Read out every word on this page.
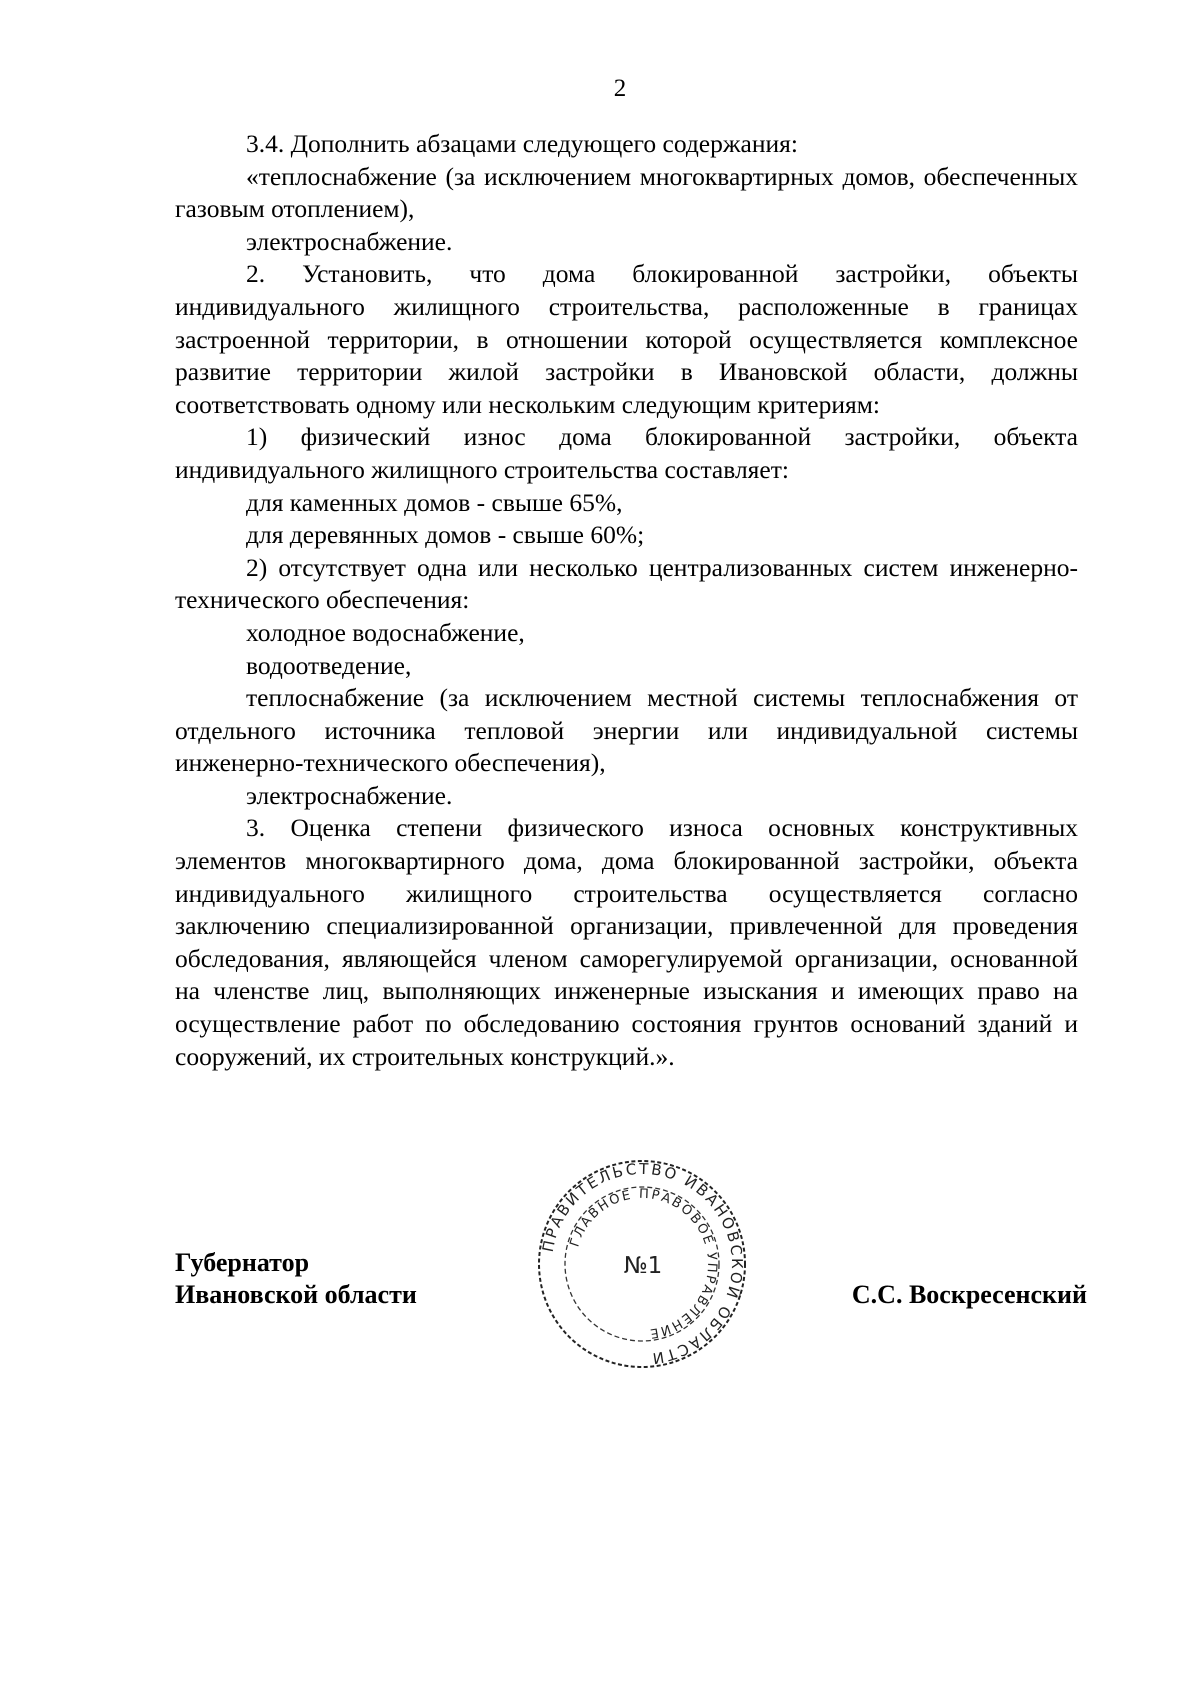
2

3.4. Дополнить абзацами следующего содержания:

«теплоснабжение (за исключением многоквартирных домов, обеспеченных газовым отоплением),

электроснабжение.

2. Установить, что дома блокированной застройки, объекты индивидуального жилищного строительства, расположенные в границах застроенной территории, в отношении которой осуществляется комплексное развитие территории жилой застройки в Ивановской области, должны соответствовать одному или нескольким следующим критериям:

1) физический износ дома блокированной застройки, объекта индивидуального жилищного строительства составляет:

для каменных домов - свыше 65%,

для деревянных домов - свыше 60%;

2) отсутствует одна или несколько централизованных систем инженерно-технического обеспечения:

холодное водоснабжение,

водоотведение,

теплоснабжение (за исключением местной системы теплоснабжения от отдельного источника тепловой энергии или индивидуальной системы инженерно-технического обеспечения),

электроснабжение.

3. Оценка степени физического износа основных конструктивных элементов многоквартирного дома, дома блокированной застройки, объекта индивидуального жилищного строительства осуществляется согласно заключению специализированной организации, привлеченной для проведения обследования, являющейся членом саморегулируемой организации, основанной на членстве лиц, выполняющих инженерные изыскания и имеющих право на осуществление работ по обследованию состояния грунтов оснований зданий и сооружений, их строительных конструкций.».

Губернатор
Ивановской области
ПРАВИТЕЛЬСТВО ИВАНОВСКОЙ ОБЛАСТИ
ГЛАВНОЕ ПРАВОВОЕ УПРАВЛЕНИЕ
№1
С.С. Воскресенский
